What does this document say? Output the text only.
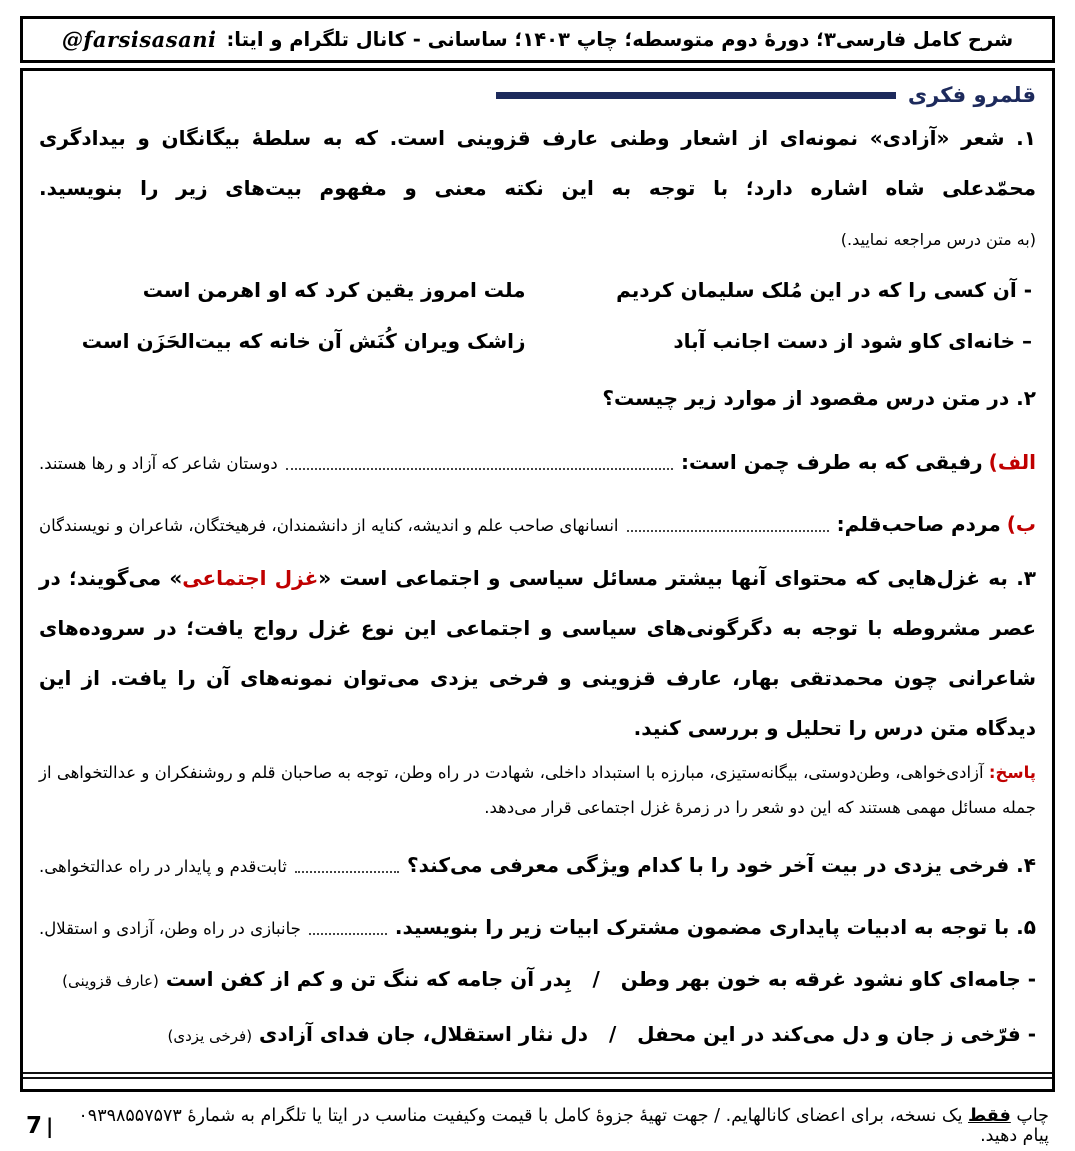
شرح کامل فارسی۳؛ دورهٔ دوم متوسطه؛ چاپ ۱۴۰۳؛ ساسانی - کانال تلگرام و ایتا:
@farsisasani
قلمرو فکری

۱. شعر «آزادی» نمونه‌ای از اشعار وطنی عارف قزوینی است. که به سلطهٔ بیگانگان و بیدادگری محمّدعلی شاه اشاره دارد؛ با توجه به این نکته معنی و مفهوم بیت‌های زیر را بنویسید. (به متن درس مراجعه نمایید.)

- آن کسی را که در این مُلک سلیمان کردیم
ملت امروز یقین کرد که او اهرمن است
– خانه‌ای کاو شود از دست اجانب آباد
زاشک ویران کُنَش آن خانه که بیت‌الحَزَن است

۲. در متن درس مقصود از موارد زیر چیست؟

الف)
رفیقی که به طرف چمن است:
دوستان شاعر که آزاد و رها هستند.
ب)
مردم صاحب‌قلم:
انسانهای صاحب علم و اندیشه، کنایه از دانشمندان، فرهیختگان، شاعران و نویسندگان

۳. به غزل‌هایی که محتوای آنها بیشتر مسائل سیاسی و اجتماعی است «غزل اجتماعی» می‌گویند؛ در عصر مشروطه با توجه به دگرگونی‌های سیاسی و اجتماعی این نوع غزل رواج یافت؛ در سروده‌های شاعرانی چون محمدتقی بهار، عارف قزوینی و فرخی یزدی می‌توان نمونه‌های آن را یافت. از این دیدگاه متن درس را تحلیل و بررسی کنید.

پاسخ: آزادی‌خواهی، وطن‌دوستی، بیگانه‌ستیزی، مبارزه با استبداد داخلی، شهادت در راه وطن، توجه به صاحبان قلم و روشنفکران و عدالتخواهی از جمله مسائل مهمی هستند که این دو شعر را در زمرهٔ غزل اجتماعی قرار می‌دهد.

۴. فرخی یزدی در بیت آخر خود را با کدام ویژگی معرفی می‌کند؟
ثابت‌قدم و پایدار در راه عدالتخواهی.
۵. با توجه به ادبیات پایداری مضمون مشترک ابیات زیر را بنویسید.
جانبازی در راه وطن، آزادی و استقلال.
- جامه‌ای کاو نشود غرقه به خون بهر وطن   /   بِدر آن جامه که ننگ تن و کم از کفن است (عارف قزوینی)
- فرّخی ز جان و دل می‌کند در این محفل   /   دل نثار استقلال، جان فدای آزادی (فرخی یزدی)

چاپ فقط یک نسخه، برای اعضای کانالهایم. / جهت تهیهٔ جزوهٔ کامل با قیمت وکیفیت مناسب در ایتا یا تلگرام به شمارهٔ ۰۹۳۹۸۵۵۷۵۷۳ پیام دهید.
|7
